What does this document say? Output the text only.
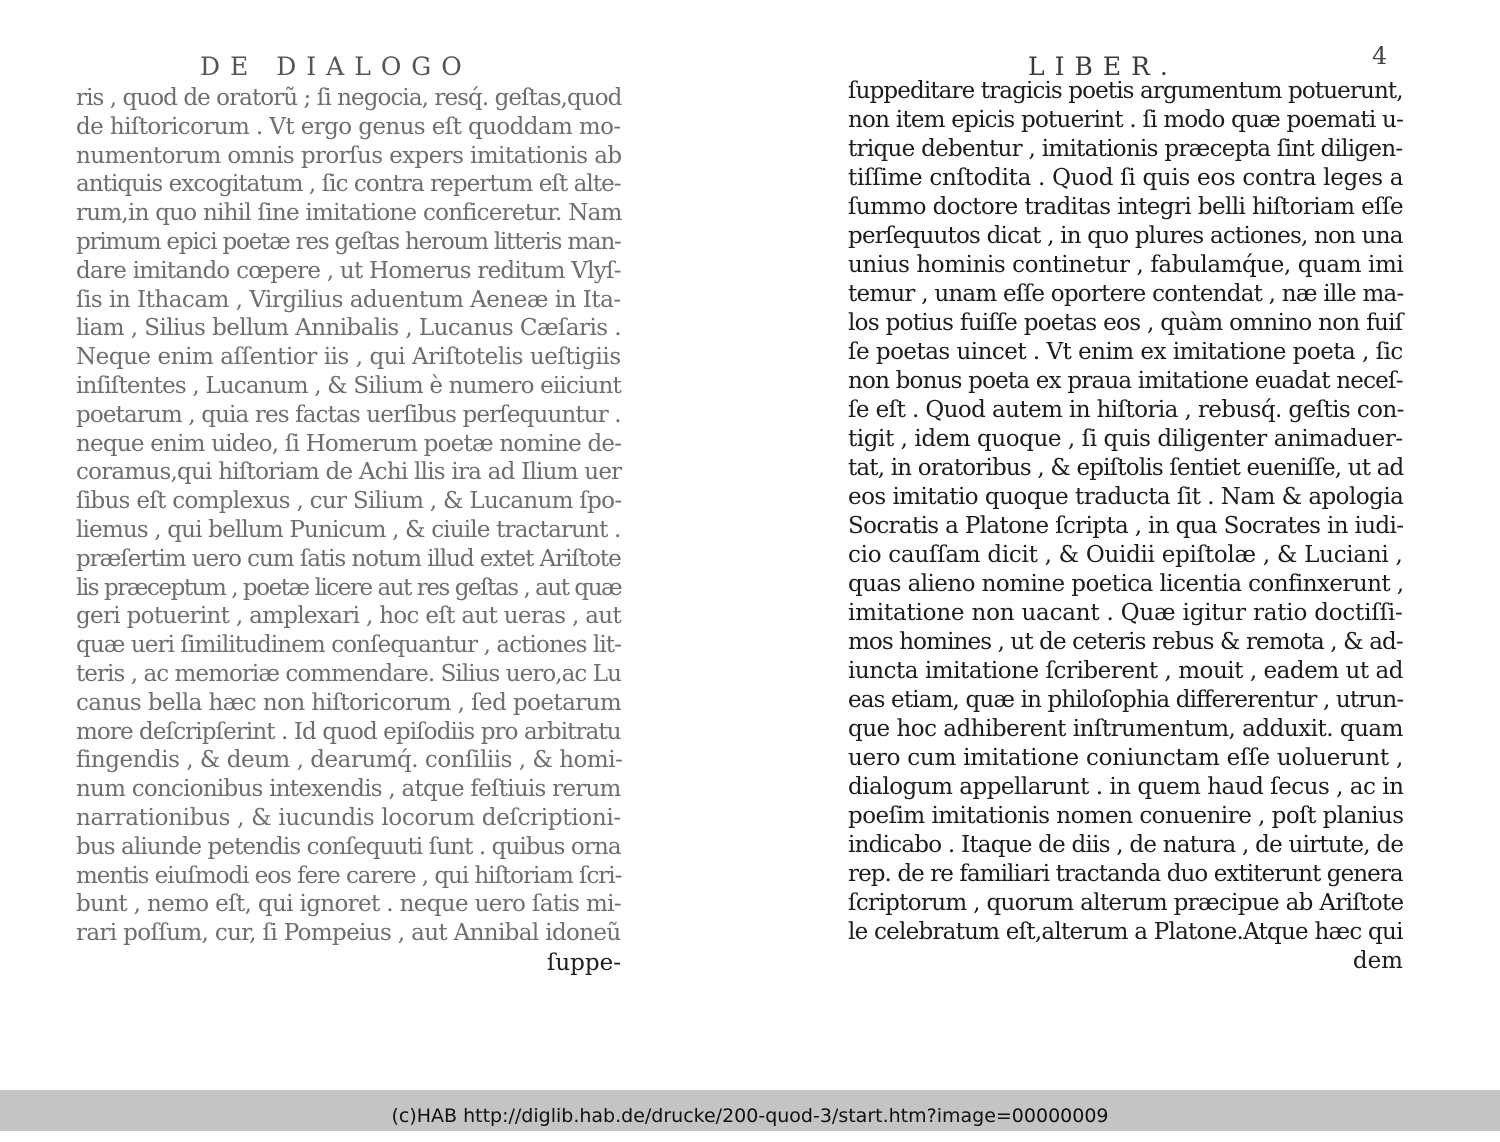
DE DIALOGO
ris , quod de oratorũ ; ſi negocia, resq́. geſtas,quod
de hiſtoricorum . Vt ergo genus eſt quoddam mo-
numentorum omnis prorſus expers imitationis ab
antiquis excogitatum , ſic contra repertum eſt alte-
rum,in quo nihil ſine imitatione conficeretur. Nam
primum epici poetæ res geſtas heroum litteris man-
dare imitando cœpere , ut Homerus reditum Vlyſ-
ſis in Ithacam , Virgilius aduentum Aeneæ in Ita-
liam , Silius bellum Annibalis , Lucanus Cæſaris .
Neque enim aſſentior iis , qui Ariſtotelis ueſtigiis
inſiſtentes , Lucanum , & Silium è numero eiiciunt
poetarum , quia res factas uerſibus perſequuntur .
neque enim uideo, ſi Homerum poetæ nomine de-
coramus,qui hiſtoriam de Achi llis ira ad Ilium uer
ſibus eſt complexus , cur Silium , & Lucanum ſpo-
liemus , qui bellum Punicum , & ciuile tractarunt .
præſertim uero cum ſatis notum illud extet Ariſtote
lis præceptum , poetæ licere aut res geſtas , aut quæ
geri potuerint , amplexari , hoc eſt aut ueras , aut
quæ ueri ſimilitudinem conſequantur , actiones lit-
teris , ac memoriæ commendare. Silius uero,ac Lu
canus bella hæc non hiſtoricorum , ſed poetarum
more deſcripſerint . Id quod epiſodiis pro arbitratu
fingendis , & deum , dearumq́. conſiliis , & homi-
num concionibus intexendis , atque feſtiuis rerum
narrationibus , & iucundis locorum deſcriptioni-
bus aliunde petendis conſequuti ſunt . quibus orna
mentis eiuſmodi eos fere carere , qui hiſtoriam ſcri-
bunt , nemo eſt, qui ignoret . neque uero ſatis mi-
rari poſſum, cur, ſi Pompeius , aut Annibal idoneũ
ſuppe-
LIBER.	4
ſuppeditare tragicis poetis argumentum potuerunt,
non item epicis potuerint . ſi modo quæ poemati u-
trique debentur , imitationis præcepta ſint diligen-
tiſſime cnſtodita . Quod ſi quis eos contra leges a
ſummo doctore traditas integri belli hiſtoriam eſſe
perſequutos dicat , in quo plures actiones, non una
unius hominis continetur , fabulamq́ue, quam imi
temur , unam eſſe oportere contendat , næ ille ma-
los potius fuiſſe poetas eos , quàm omnino non fuiſ
ſe poetas uincet . Vt enim ex imitatione poeta , ſic
non bonus poeta ex praua imitatione euadat neceſ-
ſe eſt . Quod autem in hiſtoria , rebusq́. geſtis con-
tigit , idem quoque , ſi quis diligenter animaduer-
tat, in oratoribus , & epiſtolis ſentiet eueniſſe, ut ad
eos imitatio quoque traducta ſit . Nam & apologia
Socratis a Platone ſcripta , in qua Socrates in iudi-
cio cauſſam dicit , & Ouidii epiſtolæ , & Luciani ,
quas alieno nomine poetica licentia confinxerunt ,
imitatione non uacant . Quæ igitur ratio doctiſſi-
mos homines , ut de ceteris rebus & remota , & ad-
iuncta imitatione ſcriberent , mouit , eadem ut ad
eas etiam, quæ in philoſophia differerentur , utrun-
que hoc adhiberent inſtrumentum, adduxit. quam
uero cum imitatione coniunctam eſſe uoluerunt ,
dialogum appellarunt . in quem haud ſecus , ac in
poeſim imitationis nomen conuenire , poſt planius
indicabo . Itaque de diis , de natura , de uirtute, de
rep. de re familiari tractanda duo extiterunt genera
ſcriptorum , quorum alterum præcipue ab Ariſtote
le celebratum eſt,alterum a Platone.Atque hæc qui
dem
(c)HAB http://diglib.hab.de/drucke/200-quod-3/start.htm?image=00000009
